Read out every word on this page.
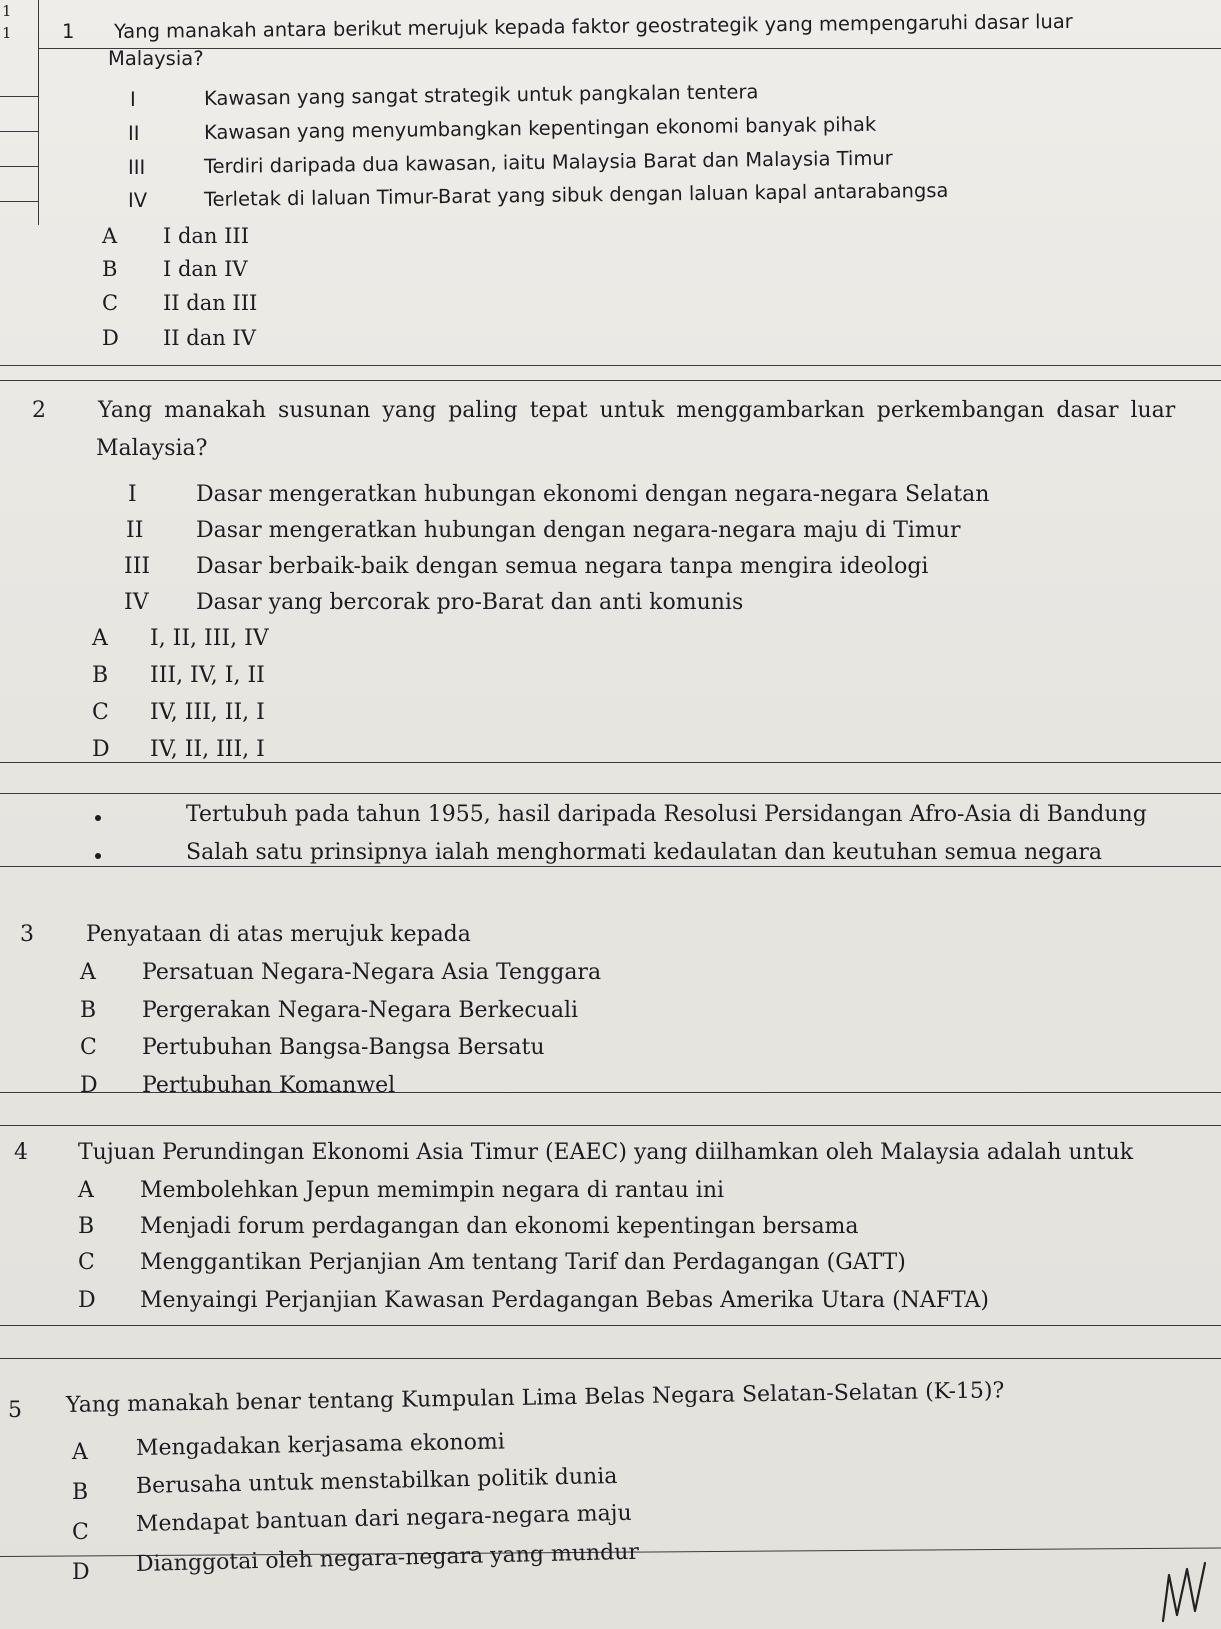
1
1	1 Yang manakah antara berikut merujuk kepada faktor geostrategik yang mempengaruhi dasar luar
Malaysia?
I	Kawasan yang sangat strategik untuk pangkalan tentera
II	Kawasan yang menyumbangkan kepentingan ekonomi banyak pihak
III	Terdiri daripada dua kawasan, iaitu Malaysia Barat dan Malaysia Timur
IV	Terletak di laluan Timur-Barat yang sibuk dengan laluan kapal antarabangsa
A I dan III
B I dan IV
C II dan III
D II dan IV
2 Yang manakah susunan yang paling tepat untuk menggambarkan perkembangan dasar luar
Malaysia?
I	Dasar mengeratkan hubungan ekonomi dengan negara-negara Selatan
II Dasar mengeratkan hubungan dengan negara-negara maju di Timur
III Dasar berbaik-baik dengan semua negara tanpa mengira ideologi
IV Dasar yang bercorak pro-Barat dan anti komunis
A I, II, III, IV
B III, IV, I, II
C IV, III, II, I
D IV, II, III, I
Tertubuh pada tahun 1955, hasil daripada Resolusi Persidangan Afro-Asia di Bandung
Salah satu prinsipnya ialah menghormati kedaulatan dan keutuhan semua negara
3 Penyataan di atas merujuk kepada
A Persatuan Negara-Negara Asia Tenggara
B Pergerakan Negara-Negara Berkecuali
C Pertubuhan Bangsa-Bangsa Bersatu
D Pertubuhan Komanwel
4 Tujuan Perundingan Ekonomi Asia Timur (EAEC) yang diilhamkan oleh Malaysia adalah untuk
A Membolehkan Jepun memimpin negara di rantau ini
B Menjadi forum perdagangan dan ekonomi kepentingan bersama
C Menggantikan Perjanjian Am tentang Tarif dan Perdagangan (GATT)
D Menyaingi Perjanjian Kawasan Perdagangan Bebas Amerika Utara (NAFTA)
5 Yang manakah benar tentang Kumpulan Lima Belas Negara Selatan-Selatan (K-15)?
A Mengadakan kerjasama ekonomi
B Berusaha untuk menstabilkan politik dunia
C Mendapat bantuan dari negara-negara maju
D Dianggotai oleh negara-negara yang mundur
